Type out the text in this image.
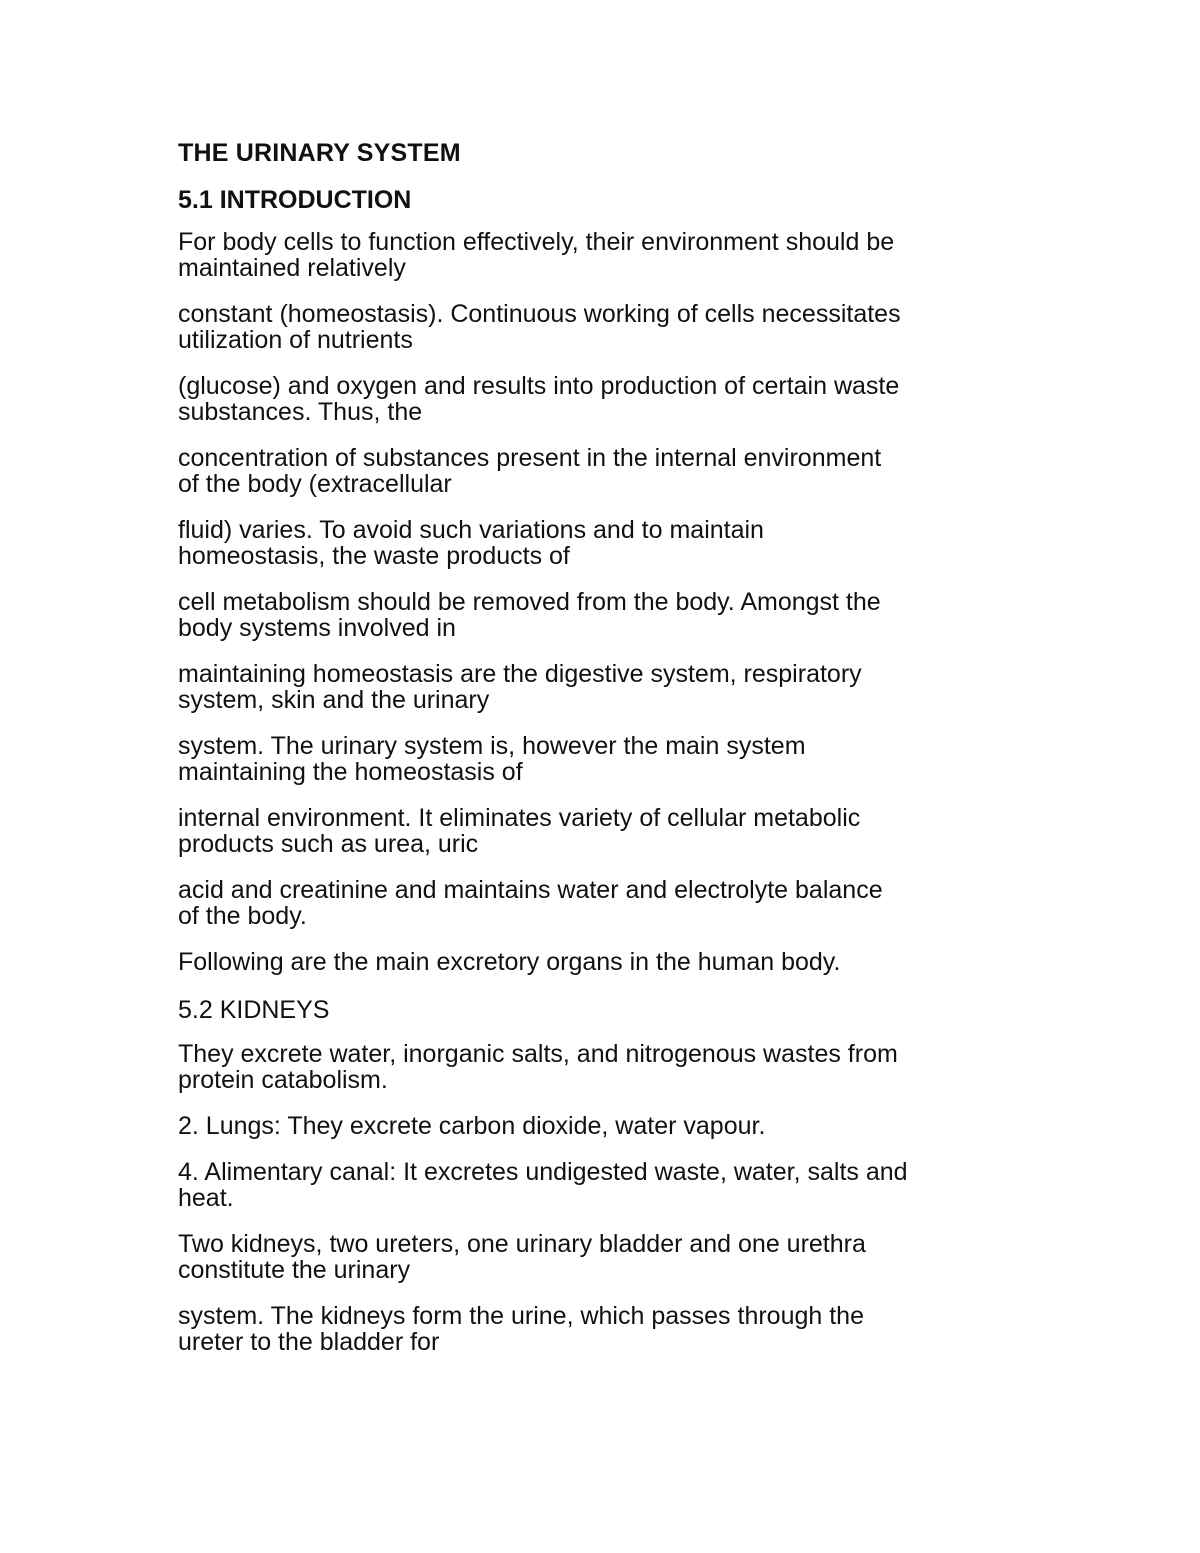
THE URINARY SYSTEM
5.1 INTRODUCTION
For body cells to function effectively, their environment should be
maintained relatively
constant (homeostasis). Continuous working of cells necessitates
utilization of nutrients
(glucose) and oxygen and results into production of certain waste
substances. Thus, the
concentration of substances present in the internal environment
of the body (extracellular
fluid) varies. To avoid such variations and to maintain
homeostasis, the waste products of
cell metabolism should be removed from the body. Amongst the
body systems involved in
maintaining homeostasis are the digestive system, respiratory
system, skin and the urinary
system. The urinary system is, however the main system
maintaining the homeostasis of
internal environment. It eliminates variety of cellular metabolic
products such as urea, uric
acid and creatinine and maintains water and electrolyte balance
of the body.
Following are the main excretory organs in the human body.
5.2 KIDNEYS
They excrete water, inorganic salts, and nitrogenous wastes from
protein catabolism.
2. Lungs: They excrete carbon dioxide, water vapour.
4. Alimentary canal: It excretes undigested waste, water, salts and
heat.
Two kidneys, two ureters, one urinary bladder and one urethra
constitute the urinary
system. The kidneys form the urine, which passes through the
ureter to the bladder for
